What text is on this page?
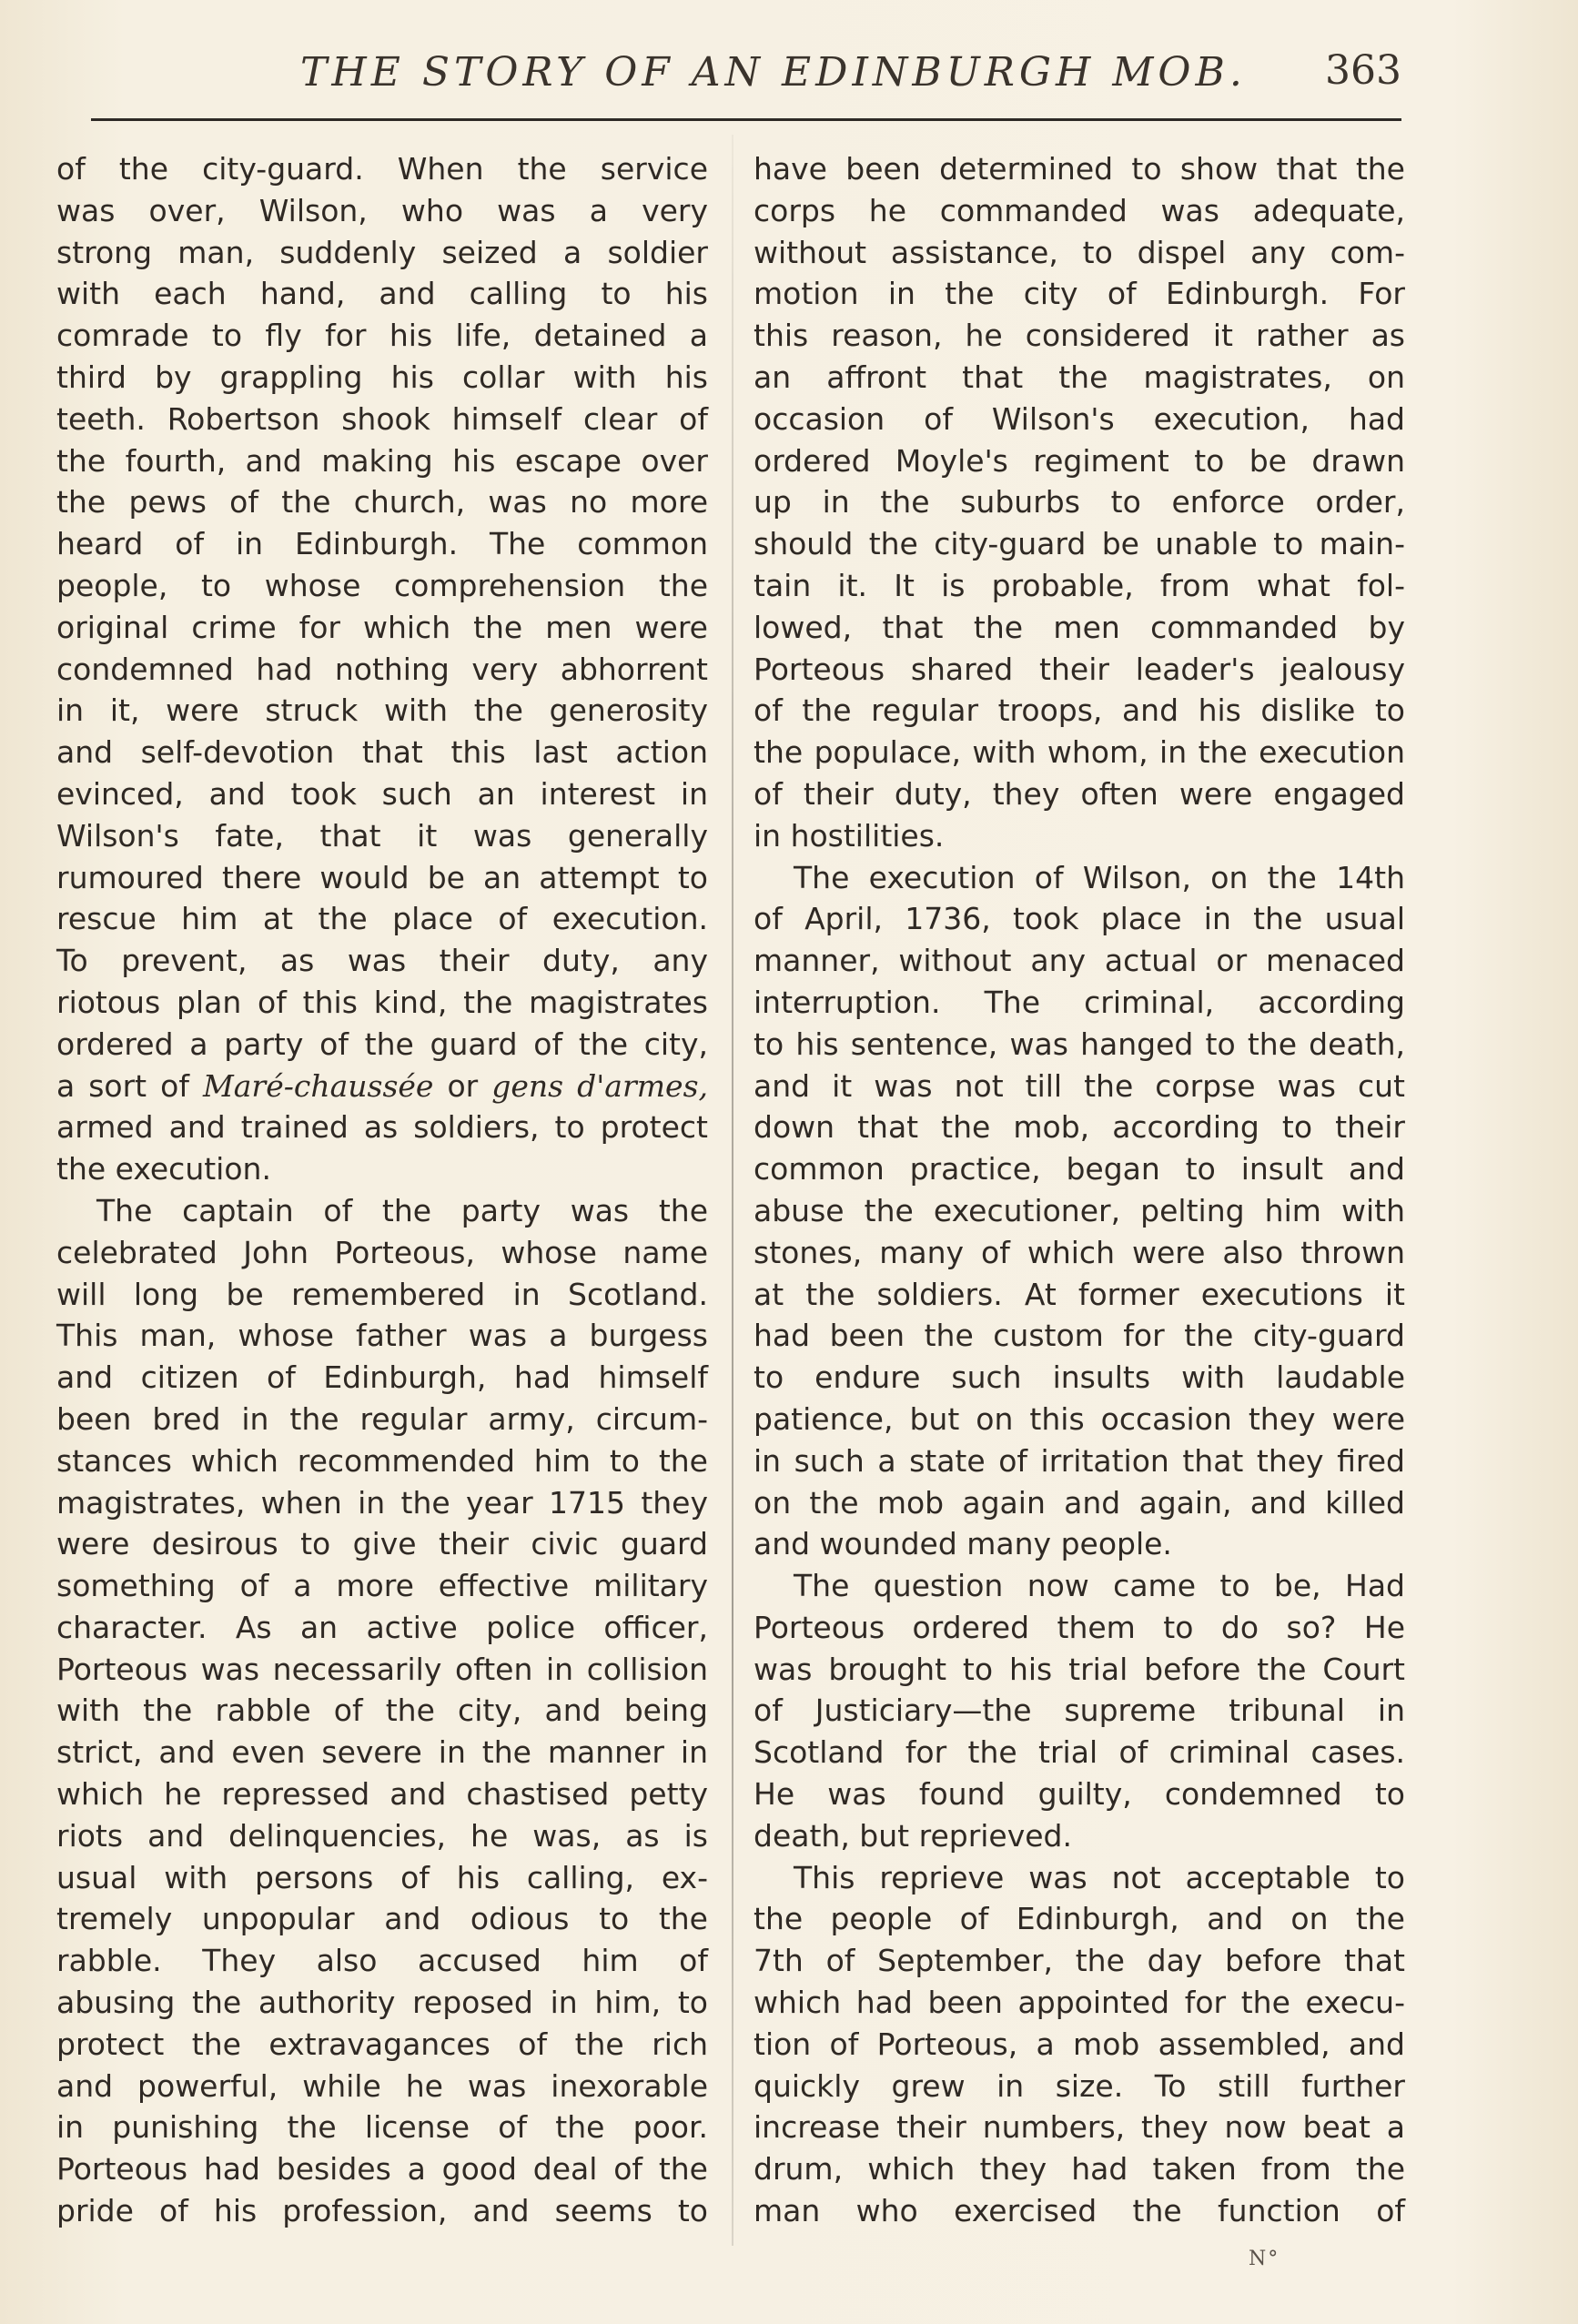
THE STORY OF AN EDINBURGH MOB. 363
of the city-guard. When the service
was over, Wilson, who was a very
strong man, suddenly seized a soldier
with each hand, and calling to his
comrade to fly for his life, detained a
third by grappling his collar with his
teeth. Robertson shook himself clear of
the fourth, and making his escape over
the pews of the church, was no more
heard of in Edinburgh. The common
people, to whose comprehension the
original crime for which the men were
condemned had nothing very abhorrent
in it, were struck with the generosity
and self-devotion that this last action
evinced, and took such an interest in
Wilson's fate, that it was generally
rumoured there would be an attempt to
rescue him at the place of execution.
To prevent, as was their duty, any
riotous plan of this kind, the magistrates
ordered a party of the guard of the city,
a sort of Maré-chaussée or gens d'armes,
armed and trained as soldiers, to protect
the execution.
The captain of the party was the
celebrated John Porteous, whose name
will long be remembered in Scotland.
This man, whose father was a burgess
and citizen of Edinburgh, had himself
been bred in the regular army, circum-
stances which recommended him to the
magistrates, when in the year 1715 they
were desirous to give their civic guard
something of a more effective military
character. As an active police officer,
Porteous was necessarily often in collision
with the rabble of the city, and being
strict, and even severe in the manner in
which he repressed and chastised petty
riots and delinquencies, he was, as is
usual with persons of his calling, ex-
tremely unpopular and odious to the
rabble. They also accused him of
abusing the authority reposed in him, to
protect the extravagances of the rich
and powerful, while he was inexorable
in punishing the license of the poor.
Porteous had besides a good deal of the
pride of his profession, and seems to
have been determined to show that the
corps he commanded was adequate,
without assistance, to dispel any com-
motion in the city of Edinburgh. For
this reason, he considered it rather as
an affront that the magistrates, on
occasion of Wilson's execution, had
ordered Moyle's regiment to be drawn
up in the suburbs to enforce order,
should the city-guard be unable to main-
tain it. It is probable, from what fol-
lowed, that the men commanded by
Porteous shared their leader's jealousy
of the regular troops, and his dislike to
the populace, with whom, in the execution
of their duty, they often were engaged
in hostilities.
The execution of Wilson, on the 14th
of April, 1736, took place in the usual
manner, without any actual or menaced
interruption. The criminal, according
to his sentence, was hanged to the death,
and it was not till the corpse was cut
down that the mob, according to their
common practice, began to insult and
abuse the executioner, pelting him with
stones, many of which were also thrown
at the soldiers. At former executions it
had been the custom for the city-guard
to endure such insults with laudable
patience, but on this occasion they were
in such a state of irritation that they fired
on the mob again and again, and killed
and wounded many people.
The question now came to be, Had
Porteous ordered them to do so? He
was brought to his trial before the Court
of Justiciary—the supreme tribunal in
Scotland for the trial of criminal cases.
He was found guilty, condemned to
death, but reprieved.
This reprieve was not acceptable to
the people of Edinburgh, and on the
7th of September, the day before that
which had been appointed for the execu-
tion of Porteous, a mob assembled, and
quickly grew in size. To still further
increase their numbers, they now beat a
drum, which they had taken from the
man who exercised the function of
N°
